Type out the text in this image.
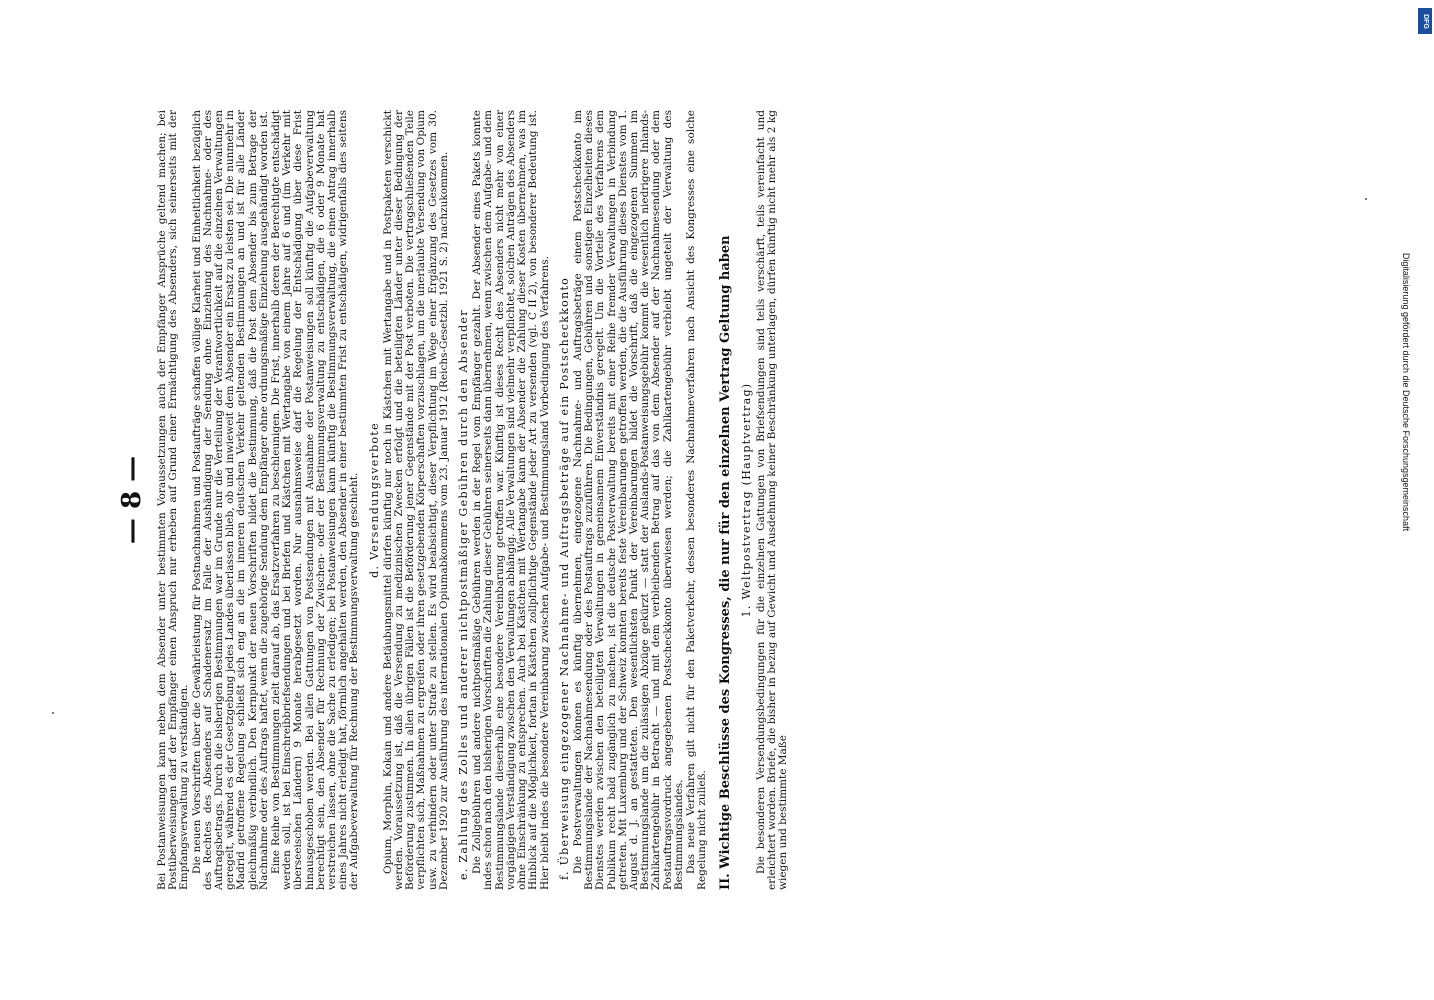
— 8 — Bei Postanweisungen kann neben dem Absender unter bestimmten Voraussetzungen auch der Empfänger Ansprüche geltend machen; bei Postüberweisungen darf der Empfänger einen Anspruch nur erheben auf Grund einer Ermächtigung des Absenders, sich seinerseits mit der Empfangsverwaltung zu verständigen. Die neuen Vorschriften über die Gewährleistung für Postnachnahmen und Postaufträge schaffen völlige Klarheit und Einheitlichkeit bezüglich des Rechtes des Absenders auf Schadenersatz im Falle der Aushändigung der Sendung ohne Einziehung des Nachnahme- oder des Auftragsbetrags. Durch die bisherigen Bestimmungen war im Grunde nur die Verteilung der Verantwortlichkeit auf die einzelnen Verwaltungen geregelt, während es der Gesetzgebung jedes Landes überlassen blieb, ob und inwieweit dem Absender ein Ersatz zu leisten sei. Die nunmehr in Madrid getroffene Regelung schließt sich eng an die im inneren deutschen Verkehr geltenden Bestimmungen an und ist für alle Länder gleichmäßig verbindlich. Den Kernpunkt der neuen Vorschriften bildet die Bestimmung, daß die Post dem Absender bis zum Betrage der Nachnahme oder des Auftrags haftet, wenn die zugehörige Sendung dem Empfänger ohne ordnungsmäßige Einziehung ausgehändigt worden ist. Eine Reihe von Bestimmungen zielt darauf ab, das Ersatzverfahren zu beschleunigen. Die Frist, innerhalb deren der Berechtigte entschädigt werden soll, ist bei Einschreibbriefsendungen und bei Briefen und Kästchen mit Wertangabe von einem Jahre auf 6 und (im Verkehr mit überseeischen Ländern) 9 Monate herabgesetzt worden. Nur ausnahmsweise darf die Regelung der Entschädigung über diese Frist hinausgeschoben werden. Bei allen Gattungen von Postsendungen mit Ausnahme der Postanweisungen soll künftig die Aufgabeverwaltung berechtigt sein, den Absender für Rechnung der Zwischen- oder der Bestimmungsverwaltung zu entschädigen, die 6 oder 9 Monate hat verstreichen lassen, ohne die Sache zu erledigen; bei Postanweisungen kann künftig die Bestimmungsverwaltung, die einen Antrag innerhalb eines Jahres nicht erledigt hat, förmlich angehalten werden, den Absender in einer bestimmten Frist zu entschädigen, widrigenfalls dies seitens der Aufgabeverwaltung für Rechnung der Bestimmungsverwaltung geschieht. d. Versendungsverbote Opium, Morphin, Kokain und andere Betäubungsmittel dürfen künftig nur noch in Kästchen mit Wertangabe und in Postpaketen verschickt werden. Voraussetzung ist, daß die Versendung zu medizinischen Zwecken erfolgt und die beteiligten Länder unter dieser Bedingung der Beförderung zustimmen. In allen übrigen Fällen ist die Beförderung jener Gegenstände mit der Post verboten. Die vertragschließenden Teile verpflichten sich, Maßnahmen zu ergreifen oder ihren gesetzgebenden Körperschaften vorzuschlagen, um die unerlaubte Versendung von Opium usw. zu verhindern oder unter Strafe zu stellen. Es wird beabsichtigt, dieser Verpflichtung im Wege einer Ergänzung des Gesetzes vom 30. Dezember 1920 zur Ausführung des internationalen Opiumabkommens vom 23. Januar 1912 (Reichs-Gesetzbl. 1921 S. 2) nachzukommen. e. Zahlung des Zolles und anderer nichtpostmäßiger Gebühren durch den Absender Die Zollgebühren und andere nichtpostmäßige Gebühren werden in der Regel vom Empfänger gezahlt. Der Absender eines Pakets konnte indes schon nach den bisherigen Vorschriften die Zahlung dieser Gebühren seinerseits dann übernehmen, wenn zwischen dem Aufgabe- und dem Bestimmungslande dieserhalb eine besondere Vereinbarung getroffen war. Künftig ist dieses Recht des Absenders nicht mehr von einer vorgängigen Verständigung zwischen den Verwaltungen abhängig. Alle Verwaltungen sind vielmehr verpflichtet, solchen Anträgen des Absenders ohne Einschränkung zu entsprechen. Auch bei Kästchen mit Wertangabe kann der Absender die Zahlung dieser Kosten übernehmen, was im Hinblick auf die Möglichkeit, fortan in Kästchen zollpflichtige Gegenstände jeder Art zu versenden (vgl. C II 2), von besonderer Bedeutung ist. Hier bleibt indes die besondere Vereinbarung zwischen Aufgabe- und Bestimmungsland Vorbedingung des Verfahrens. f. Überweisung eingezogener Nachnahme- und Auftragsbeträge auf ein Postscheckkonto Die Postverwaltungen können es künftig übernehmen, eingezogene Nachnahme- und Auftragsbeträge einem Postscheckkonto im Bestimmungslande der Nachnahmesendung oder des Postauftrags zuzuführen. Die Bedingungen, Gebühren und sonstigen Einzelheiten dieses Dienstes werden zwischen den beteiligten Verwaltungen in gemeinsamem Einverständnis geregelt. Um die Vorteile des Verfahrens dem Publikum recht bald zugänglich zu machen, ist die deutsche Postverwaltung bereits mit einer Reihe fremder Verwaltungen in Verbindung getreten. Mit Luxemburg und der Schweiz konnten bereits feste Vereinbarungen getroffen werden, die die Ausführung dieses Dienstes vom 1. August d. J. an gestatteten. Den wesentlichsten Punkt der Vereinbarungen bildet die Vorschrift, daß die eingezogenen Summen im Bestimmungslande um die zulässigen Abzüge gekürzt — statt der Auslands-Postanweisungsgebühr kommt die wesentlich niedrigere Inlands-Zahlkartengebühr in Betracht — und mit dem verbleibenden Betrag auf das von dem Absender auf der Nachnahmesendung oder dem Postauftragsvordruck angegebenen Postscheckkonto überwiesen werden; die Zahlkartengebühr verbleibt ungeteilt der Verwaltung des Bestimmungslandes. Das neue Verfahren gilt nicht für den Paketverkehr, dessen besonderes Nachnahmeverfahren nach Ansicht des Kongresses eine solche Regelung nicht zuließ. II. Wichtige Beschlüsse des Kongresses, die nur für den einzelnen Vertrag Geltung haben 1. Weltpostvertrag (Hauptvertrag) Die besonderen Versendungsbedingungen für die einzelnen Gattungen von Briefsendungen sind teils verschärft, teils vereinfacht und erleichtert worden. Briefe, die bisher in bezug auf Gewicht und Ausdehnung keiner Beschränkung unterlagen, dürfen künftig nicht mehr als 2 kg wiegen und bestimmte Maße

DFG
Digitalisierung gefördert durch die Deutsche Forschungsgemeinschaft
